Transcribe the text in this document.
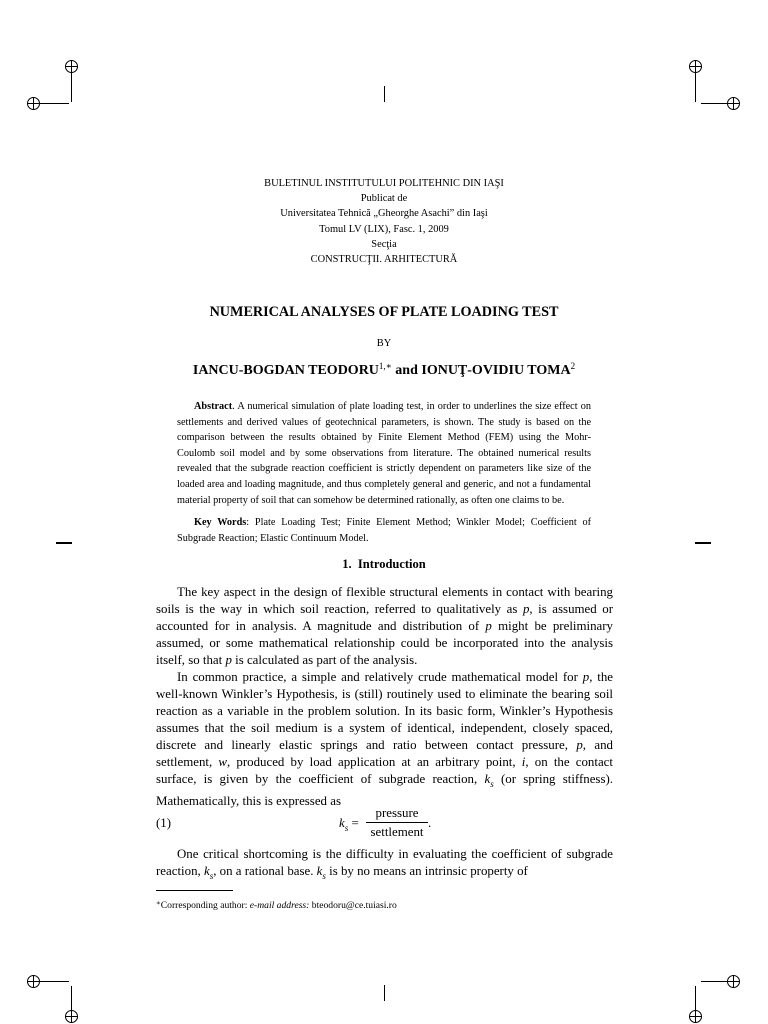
BULETINUL INSTITUTULUI POLITEHNIC DIN IAŞI
Publicat de
Universitatea Tehnică „Gheorghe Asachi” din Iaşi
Tomul LV (LIX), Fasc. 1, 2009
Secţia
CONSTRUCŢII. ARHITECTURĂ
NUMERICAL ANALYSES OF PLATE LOADING TEST
BY
IANCU-BOGDAN $TEODORU^{1,∗}$ and IONUŢ-OVIDIU TOMA$^2$
Abstract. A numerical simulation of plate loading test, in order to underlines the size effect on settlements and derived values of geotechnical parameters, is shown. The study is based on the comparison between the results obtained by Finite Element Method (FEM) using the Mohr-Coulomb soil model and by some observations from literature. The obtained numerical results revealed that the subgrade reaction coefficient is strictly dependent on parameters like size of the loaded area and loading magnitude, and thus completely general and generic, and not a fundamental material property of soil that can somehow be determined rationally, as often one claims to be.
Key Words: Plate Loading Test; Finite Element Method; Winkler Model; Coefficient of Subgrade Reaction; Elastic Continuum Model.
1. Introduction

The key aspect in the design of flexible structural elements in contact with bearing soils is the way in which soil reaction, referred to qualitatively as p, is assumed or accounted for in analysis. A magnitude and distribution of p might be preliminary assumed, or some mathematical relationship could be incorporated into the analysis itself, so that p is calculated as part of the analysis.

In common practice, a simple and relatively crude mathematical model for p, the well-known Winkler’s Hypothesis, is (still) routinely used to eliminate the bearing soil reaction as a variable in the problem solution. In its basic form, Winkler’s Hypothesis assumes that the soil medium is a system of identical, independent, closely spaced, discrete and linearly elastic springs and ratio between contact pressure, p, and settlement, w, produced by load application at an arbitrary point, i, on the contact surface, is given by the coefficient of subgrade reaction, $k_s$ (or spring stiffness). Mathematically, this is expressed as

(1)	$k_s$ =
pressure
settlement
.

One critical shortcoming is the difficulty in evaluating the coefficient of subgrade reaction, $k_s$, on a rational base. $k_s$ is by no means an intrinsic property of

∗Corresponding author: e-mail address: bteodoru@ce.tuiasi.ro
